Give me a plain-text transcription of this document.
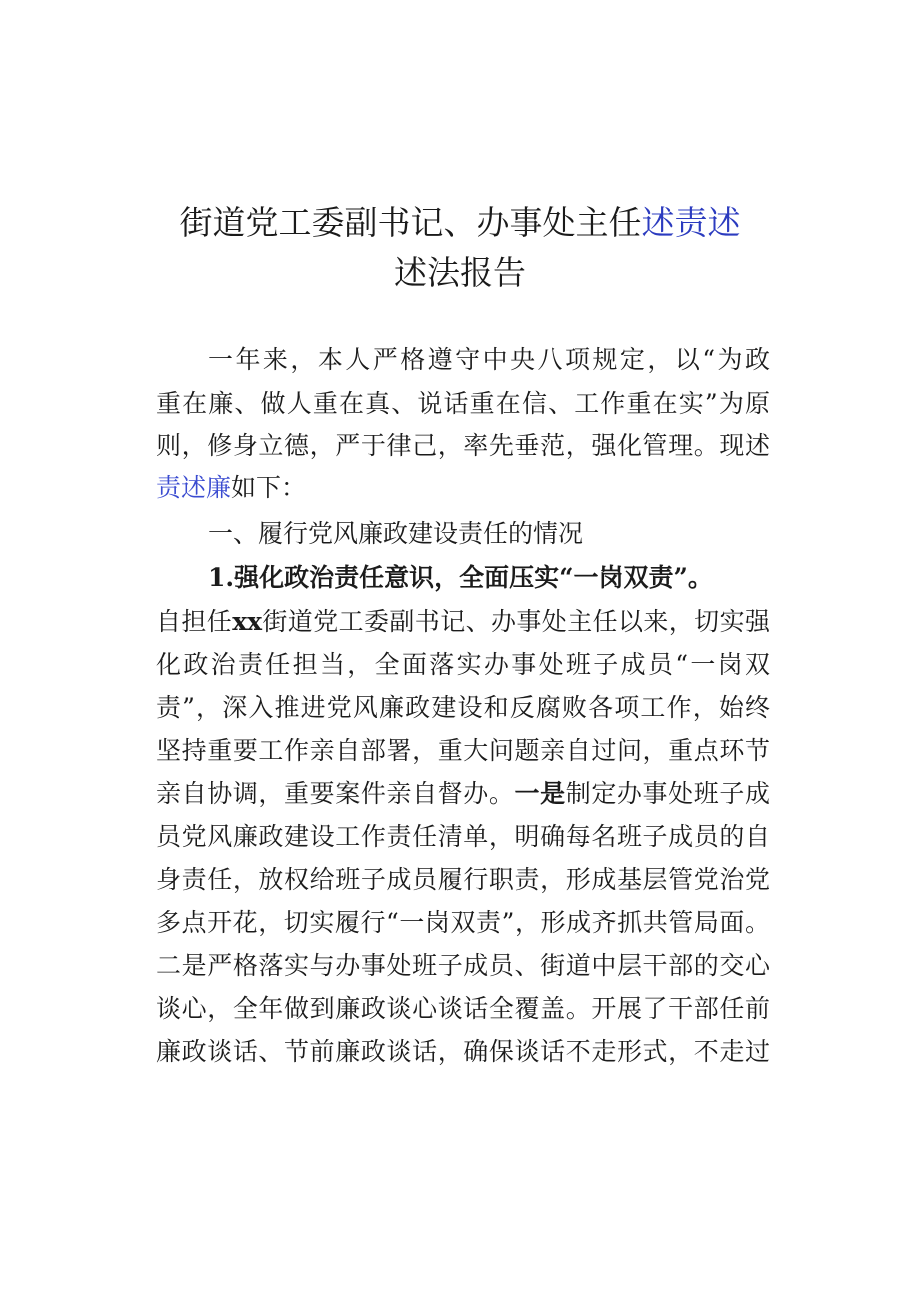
街道党工委副书记、办事处主任述责述
述法报告
一年来，本人严格遵守中央八项规定，以“为政
重在廉、做人重在真、说话重在信、工作重在实”为原
则，修身立德，严于律己，率先垂范，强化管理。现述
责述廉如下：
一、履行党风廉政建设责任的情况
1.强化政治责任意识，全面压实“一岗双责”。
自担任xx街道党工委副书记、办事处主任以来，切实强
化政治责任担当，全面落实办事处班子成员“一岗双
责”，深入推进党风廉政建设和反腐败各项工作，始终
坚持重要工作亲自部署，重大问题亲自过问，重点环节
亲自协调，重要案件亲自督办。一是制定办事处班子成
员党风廉政建设工作责任清单，明确每名班子成员的自
身责任，放权给班子成员履行职责，形成基层管党治党
多点开花，切实履行“一岗双责”，形成齐抓共管局面。
二是严格落实与办事处班子成员、街道中层干部的交心
谈心，全年做到廉政谈心谈话全覆盖。开展了干部任前
廉政谈话、节前廉政谈话，确保谈话不走形式，不走过
